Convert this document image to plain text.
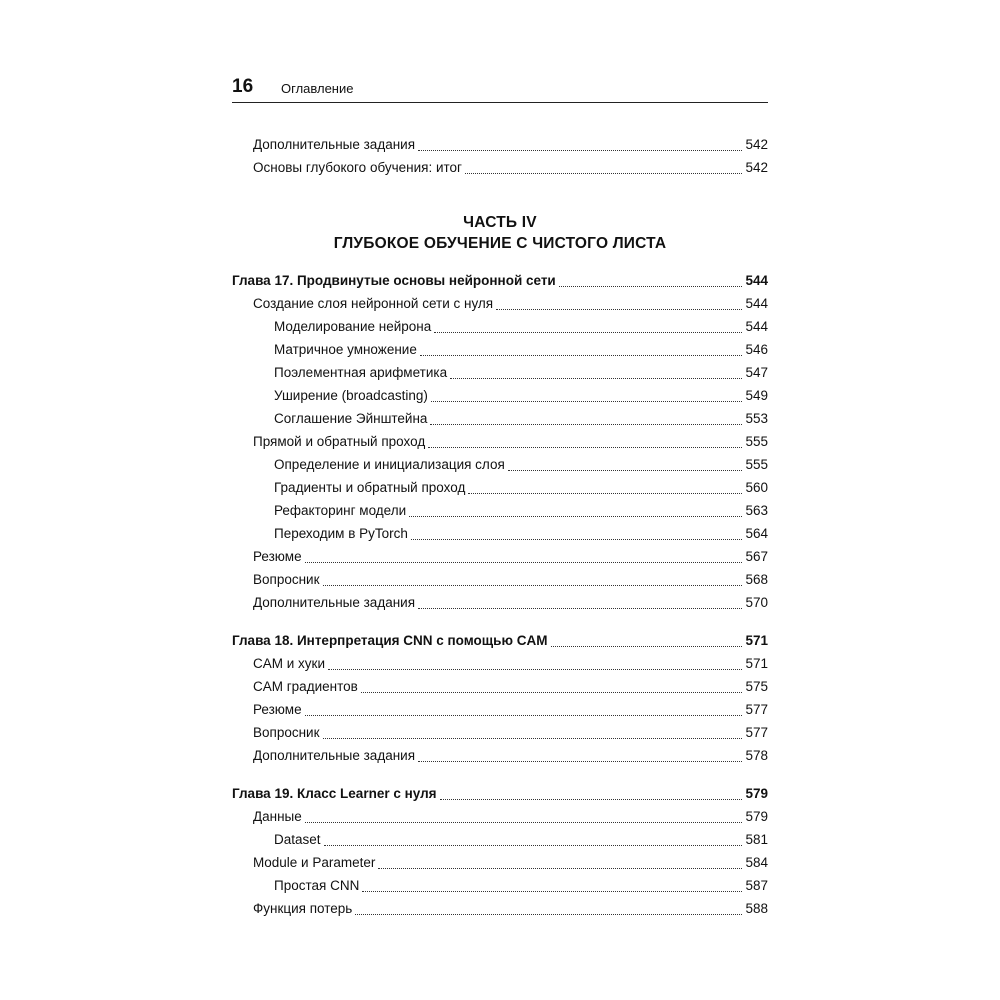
16 Оглавление
Дополнительные задания	542
Основы глубокого обучения: итог	542
ЧАСТЬ IV
ГЛУБОКОЕ ОБУЧЕНИЕ С ЧИСТОГО ЛИСТА
Глава 17. Продвинутые основы нейронной сети	544
Создание слоя нейронной сети с нуля	544
Моделирование нейрона	544
Матричное умножение	546
Поэлементная арифметика	547
Уширение (broadcasting)	549
Соглашение Эйнштейна	553
Прямой и обратный проход	555
Определение и инициализация слоя	555
Градиенты и обратный проход	560
Рефакторинг модели	563
Переходим в PyTorch	564
Резюме	567
Вопросник	568
Дополнительные задания	570
Глава 18. Интерпретация CNN с помощью CAM	571
CAM и хуки	571
CAM градиентов	575
Резюме	577
Вопросник	577
Дополнительные задания	578
Глава 19. Класс Learner с нуля	579
Данные	579
Dataset	581
Module и Parameter	584
Простая CNN	587
Функция потерь	588
